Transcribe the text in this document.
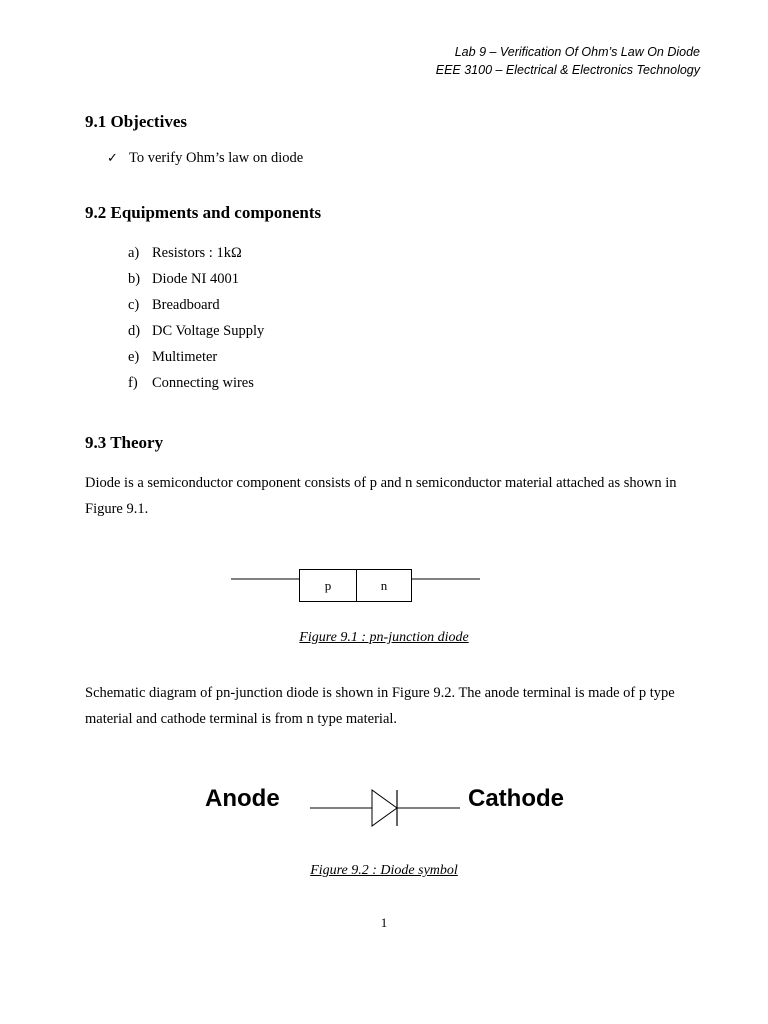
Lab 9 – Verification Of Ohm’s Law On Diode
EEE 3100 – Electrical & Electronics Technology
9.1 Objectives
✓ To verify Ohm’s law on diode
9.2 Equipments and components
a) Resistors : 1kΩ
b) Diode NI 4001
c) Breadboard
d) DC Voltage Supply
e) Multimeter
f) Connecting wires
9.3 Theory

Diode is a semiconductor component consists of p and n semiconductor material attached as shown in Figure 9.1.

p	n
Figure 9.1 : pn-junction diode

Schematic diagram of pn-junction diode is shown in Figure 9.2. The anode terminal is made of p type material and cathode terminal is from n type material.

Anode	Cathode
Figure 9.2 : Diode symbol
1
